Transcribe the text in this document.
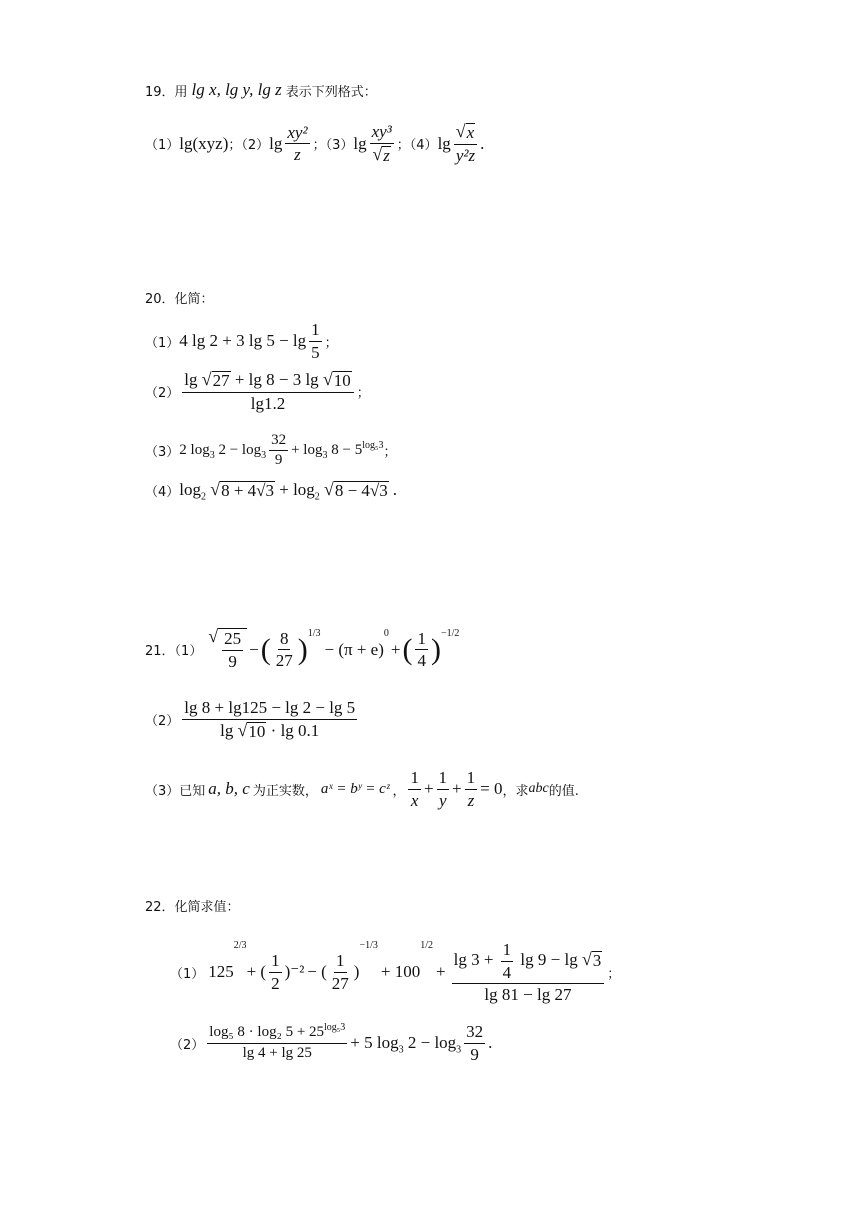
19．用 lg x, lg y, lg z 表示下列格式：
（1） lg(xyz) ；（2） $\lg \frac{\text{xy²}}{z}$ ；（3） $\lg \frac{\text{xy³}}{√ z}$ ；（4） $\lg \frac{√ x}{\text{y²z}}$ .
20．化简：
（1） 4 lg 2 + 3 $\lg 5 - \lg \frac{1}{5}$ ；
$(2) \frac{\lg √ 27 + \lg 8 - 3 \lg √ 10}{\lg 1.2}$ ；
（3） 2 $\log_3 2 - \log_3 \frac{32}{9} + \log_3 8 - 5^{log_53}$ ；
（4） $\log_2$ √ $8 + 4√3 + \log_2$ √ 8 − 4√3 .
21．（1）
√ $\frac{25}{9}$ − ( $\frac{8}{27}$ ) 1/3
− (π + e)
0
+ ( $\frac{1}{4}$ ) −1/2
$(2) \frac{\lg 8 + \lg 125 - \lg 2 - \lg 5}{\lg √ 10 \cdot \lg 0.1}$
（3）已知 a, b, c 为正实数， aˣ = bʸ = cᶻ ， $\frac{1}{x} + \frac{1}{y} + \frac{1}{z} = 0$ ，求 abc 的值.
22．化简求值：
（1） 125
2/3
+ ( $\frac{1}{2} )^{-2}$ − ( $\frac{1}{27}$ )
−1/3
+ 100
1/2
+ $\frac{\lg 3 + \frac{1}{4} \lg 9 - \lg √ 3}{\lg 81 - \lg 27}$ ；
$(2) \frac{\log_5 8 \cdot \log_2 5 + 25^{log_53}}{\lg 4 + \lg 25} + 5$ $\log_3 2 - \log_3 \frac{32}{9}$ .
